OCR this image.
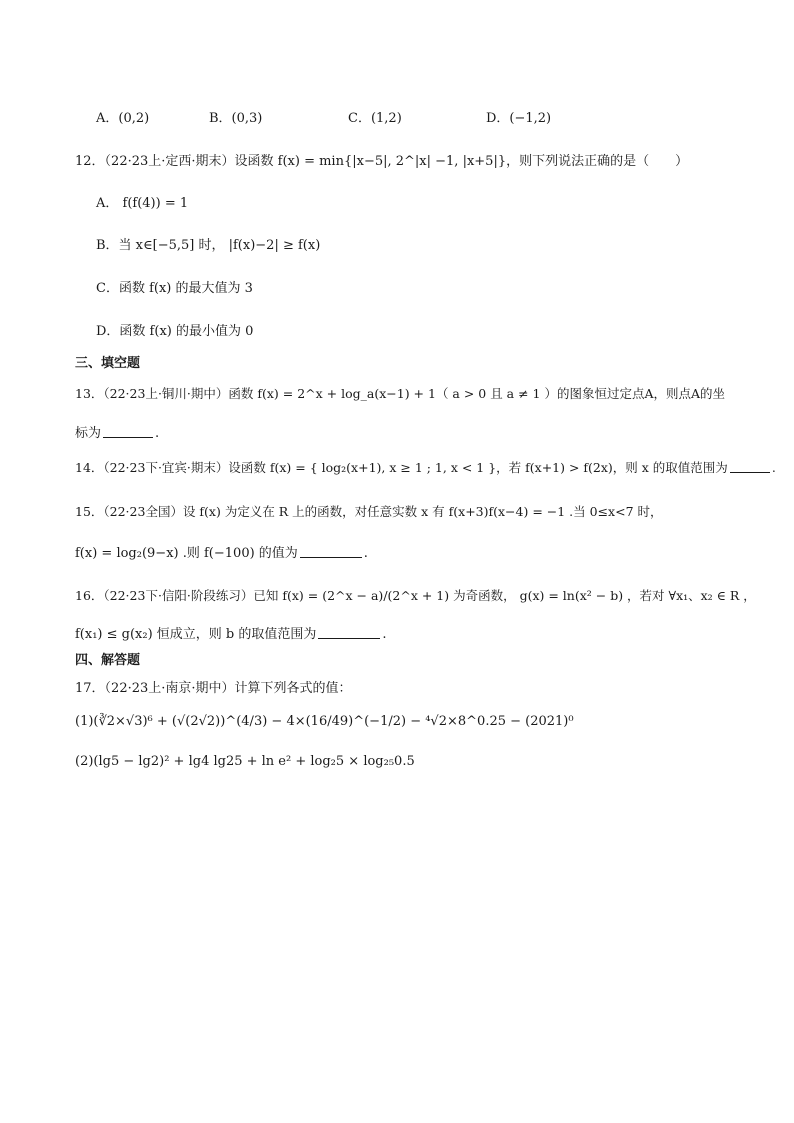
A．(0,2)	B．(0,3)	C．(1,2)	D．(−1,2)
12．（22·23上·定西·期末）设函数 f(x) = min{|x−5|, 2^|x| −1, |x+5|}，则下列说法正确的是（　　）
A． f(f(4)) = 1
B．当 x∈[−5,5] 时， |f(x)−2| ≥ f(x)
C．函数 f(x) 的最大值为 3
D．函数 f(x) 的最小值为 0
三、填空题
13．（22·23上·铜川·期中）函数 f(x) = 2^x + log_a(x−1) + 1（ a > 0 且 a ≠ 1 ）的图象恒过定点A，则点A的坐
标为	.
14．（22·23下·宜宾·期末）设函数 f(x) = { log₂(x+1), x ≥ 1 ; 1, x < 1 }，若 f(x+1) > f(2x)，则 x 的取值范围为	.
15．（22·23全国）设 f(x) 为定义在 R 上的函数，对任意实数 x 有 f(x+3)f(x−4) = −1 .当 0≤x<7 时，
f(x) = log₂(9−x) .则 f(−100) 的值为	.
16．（22·23下·信阳·阶段练习）已知 f(x) = (2^x − a)/(2^x + 1) 为奇函数， g(x) = ln(x² − b) ，若对 ∀x₁、x₂ ∈ R ，
f(x₁) ≤ g(x₂) 恒成立，则 b 的取值范围为	.
四、解答题
17．（22·23上·南京·期中）计算下列各式的值：
(1)(∛2×√3)⁶ + (√(2√2))^(4/3) − 4×(16/49)^(−1/2) − ⁴√2×8^0.25 − (2021)⁰
(2)(lg5 − lg2)² + lg4 lg25 + ln e² + log₂5 × log₂₅0.5
